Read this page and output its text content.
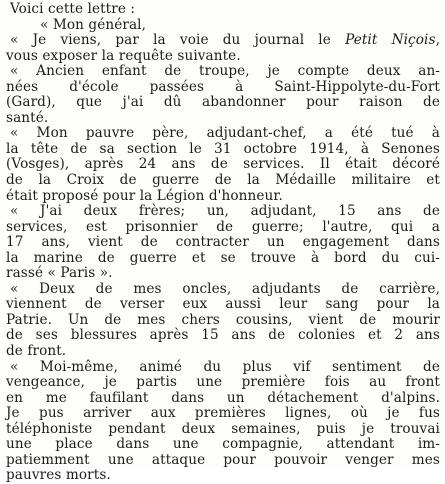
Voici cette lettre :
« Mon général,
« Je viens, par la voie du journal le Petit Niçois,
vous exposer la requête suivante.
« Ancien enfant de troupe, je compte deux an-
nées d'école passées à Saint-Hippolyte-du-Fort
(Gard), que j'ai dû abandonner pour raison de
santé.
« Mon pauvre père, adjudant-chef, a été tué à
la tête de sa section le 31 octobre 1914, à Senones
(Vosges), après 24 ans de services. Il était décoré
de la Croix de guerre de la Médaille militaire et
était proposé pour la Légion d'honneur.
« J'ai deux frères; un, adjudant, 15 ans de
services, est prisonnier de guerre; l'autre, qui a
17 ans, vient de contracter un engagement dans
la marine de guerre et se trouve à bord du cui-
rassé « Paris ».
« Deux de mes oncles, adjudants de carrière,
viennent de verser eux aussi leur sang pour la
Patrie. Un de mes chers cousins, vient de mourir
de ses blessures après 15 ans de colonies et 2 ans
de front.
« Moi-même, animé du plus vif sentiment de
vengeance, je partis une première fois au front
en me faufilant dans un détachement d'alpins.
Je pus arriver aux premières lignes, où je fus
téléphoniste pendant deux semaines, puis je trouvai
une place dans une compagnie, attendant im-
patiemment une attaque pour pouvoir venger mes
pauvres morts.
